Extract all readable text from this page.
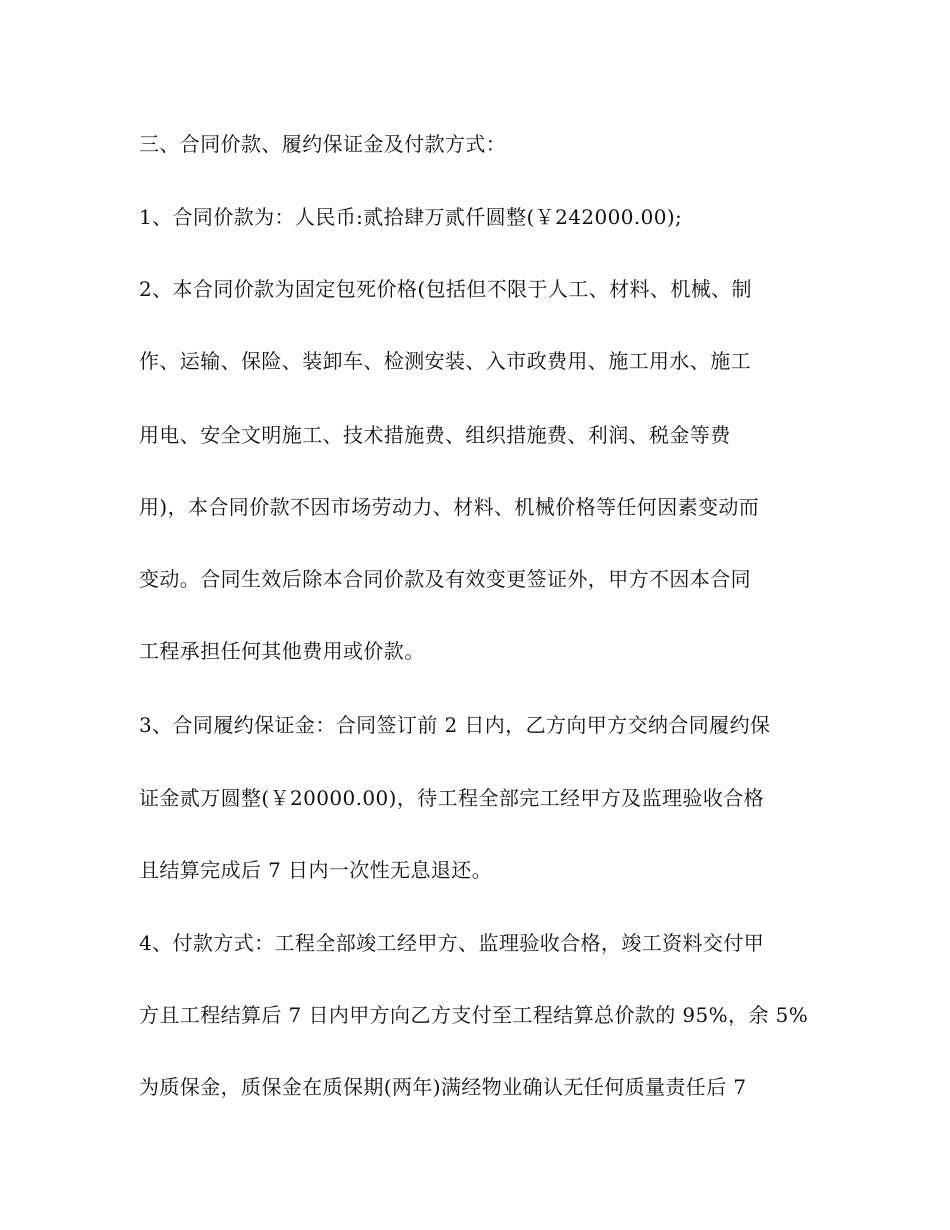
三、合同价款、履约保证金及付款方式：

1、合同价款为：人民币:贰拾肆万贰仟圆整(￥242000.00);

2、本合同价款为固定包死价格(包括但不限于人工、材料、机械、制

作、运输、保险、装卸车、检测安装、入市政费用、施工用水、施工

用电、安全文明施工、技术措施费、组织措施费、利润、税金等费

用)，本合同价款不因市场劳动力、材料、机械价格等任何因素变动而

变动。合同生效后除本合同价款及有效变更签证外，甲方不因本合同

工程承担任何其他费用或价款。

3、合同履约保证金：合同签订前 2 日内，乙方向甲方交纳合同履约保

证金贰万圆整(￥20000.00)，待工程全部完工经甲方及监理验收合格

且结算完成后 7 日内一次性无息退还。

4、付款方式：工程全部竣工经甲方、监理验收合格，竣工资料交付甲

方且工程结算后 7 日内甲方向乙方支付至工程结算总价款的 95%，余 5%

为质保金，质保金在质保期(两年)满经物业确认无任何质量责任后 7
